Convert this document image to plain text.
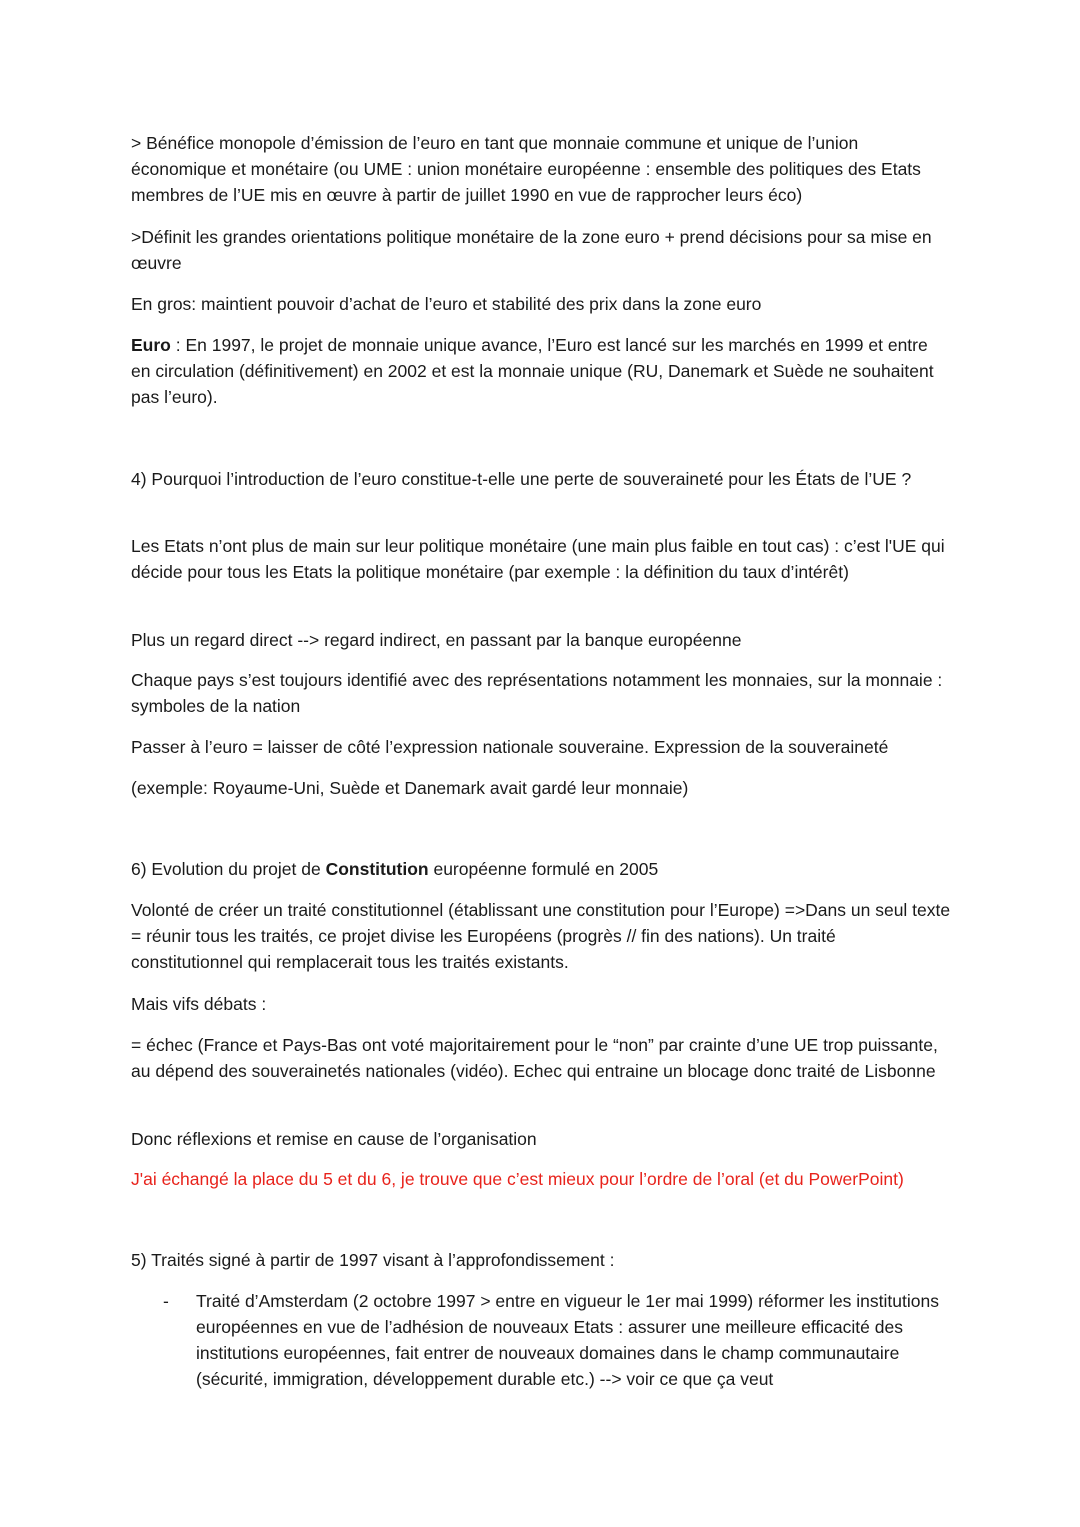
> Bénéfice monopole d’émission de l’euro en tant que monnaie commune et unique de l’union économique et monétaire (ou UME : union monétaire européenne : ensemble des politiques des Etats membres de l’UE mis en œuvre à partir de juillet 1990 en vue de rapprocher leurs éco)

>Définit les grandes orientations politique monétaire de la zone euro + prend décisions pour sa mise en œuvre

En gros: maintient pouvoir d’achat de l’euro et stabilité des prix dans la zone euro

Euro : En 1997, le projet de monnaie unique avance, l’Euro est lancé sur les marchés en 1999 et entre en circulation (définitivement) en 2002 et est la monnaie unique (RU, Danemark et Suède ne souhaitent pas l’euro).

4) Pourquoi l’introduction de l’euro constitue-t-elle une perte de souveraineté pour les États de l’UE ?

Les Etats n’ont plus de main sur leur politique monétaire (une main plus faible en tout cas) : c’est l'UE qui décide pour tous les Etats la politique monétaire (par exemple : la définition du taux d’intérêt)

Plus un regard direct --> regard indirect, en passant par la banque européenne

Chaque pays s’est toujours identifié avec des représentations notamment les monnaies, sur la monnaie : symboles de la nation

Passer à l’euro = laisser de côté l’expression nationale souveraine. Expression de la souveraineté

(exemple: Royaume-Uni, Suède et Danemark avait gardé leur monnaie)

6) Evolution du projet de Constitution européenne formulé en 2005

Volonté de créer un traité constitutionnel (établissant une constitution pour l’Europe) =>Dans un seul texte = réunir tous les traités, ce projet divise les Européens (progrès // fin des nations). Un traité constitutionnel qui remplacerait tous les traités existants.

Mais vifs débats :

= échec (France et Pays-Bas ont voté majoritairement pour le “non” par crainte d’une UE trop puissante, au dépend des souverainetés nationales (vidéo). Echec qui entraine un blocage donc traité de Lisbonne

Donc réflexions et remise en cause de l’organisation

J'ai échangé la place du 5 et du 6, je trouve que c’est mieux pour l’ordre de l’oral (et du PowerPoint)

5) Traités signé à partir de 1997 visant à l’approfondissement :

-	Traité d’Amsterdam (2 octobre 1997 > entre en vigueur le 1er mai 1999) réformer les institutions européennes en vue de l’adhésion de nouveaux Etats : assurer une meilleure efficacité des institutions européennes, fait entrer de nouveaux domaines dans le champ communautaire (sécurité, immigration, développement durable etc.) --> voir ce que ça veut
